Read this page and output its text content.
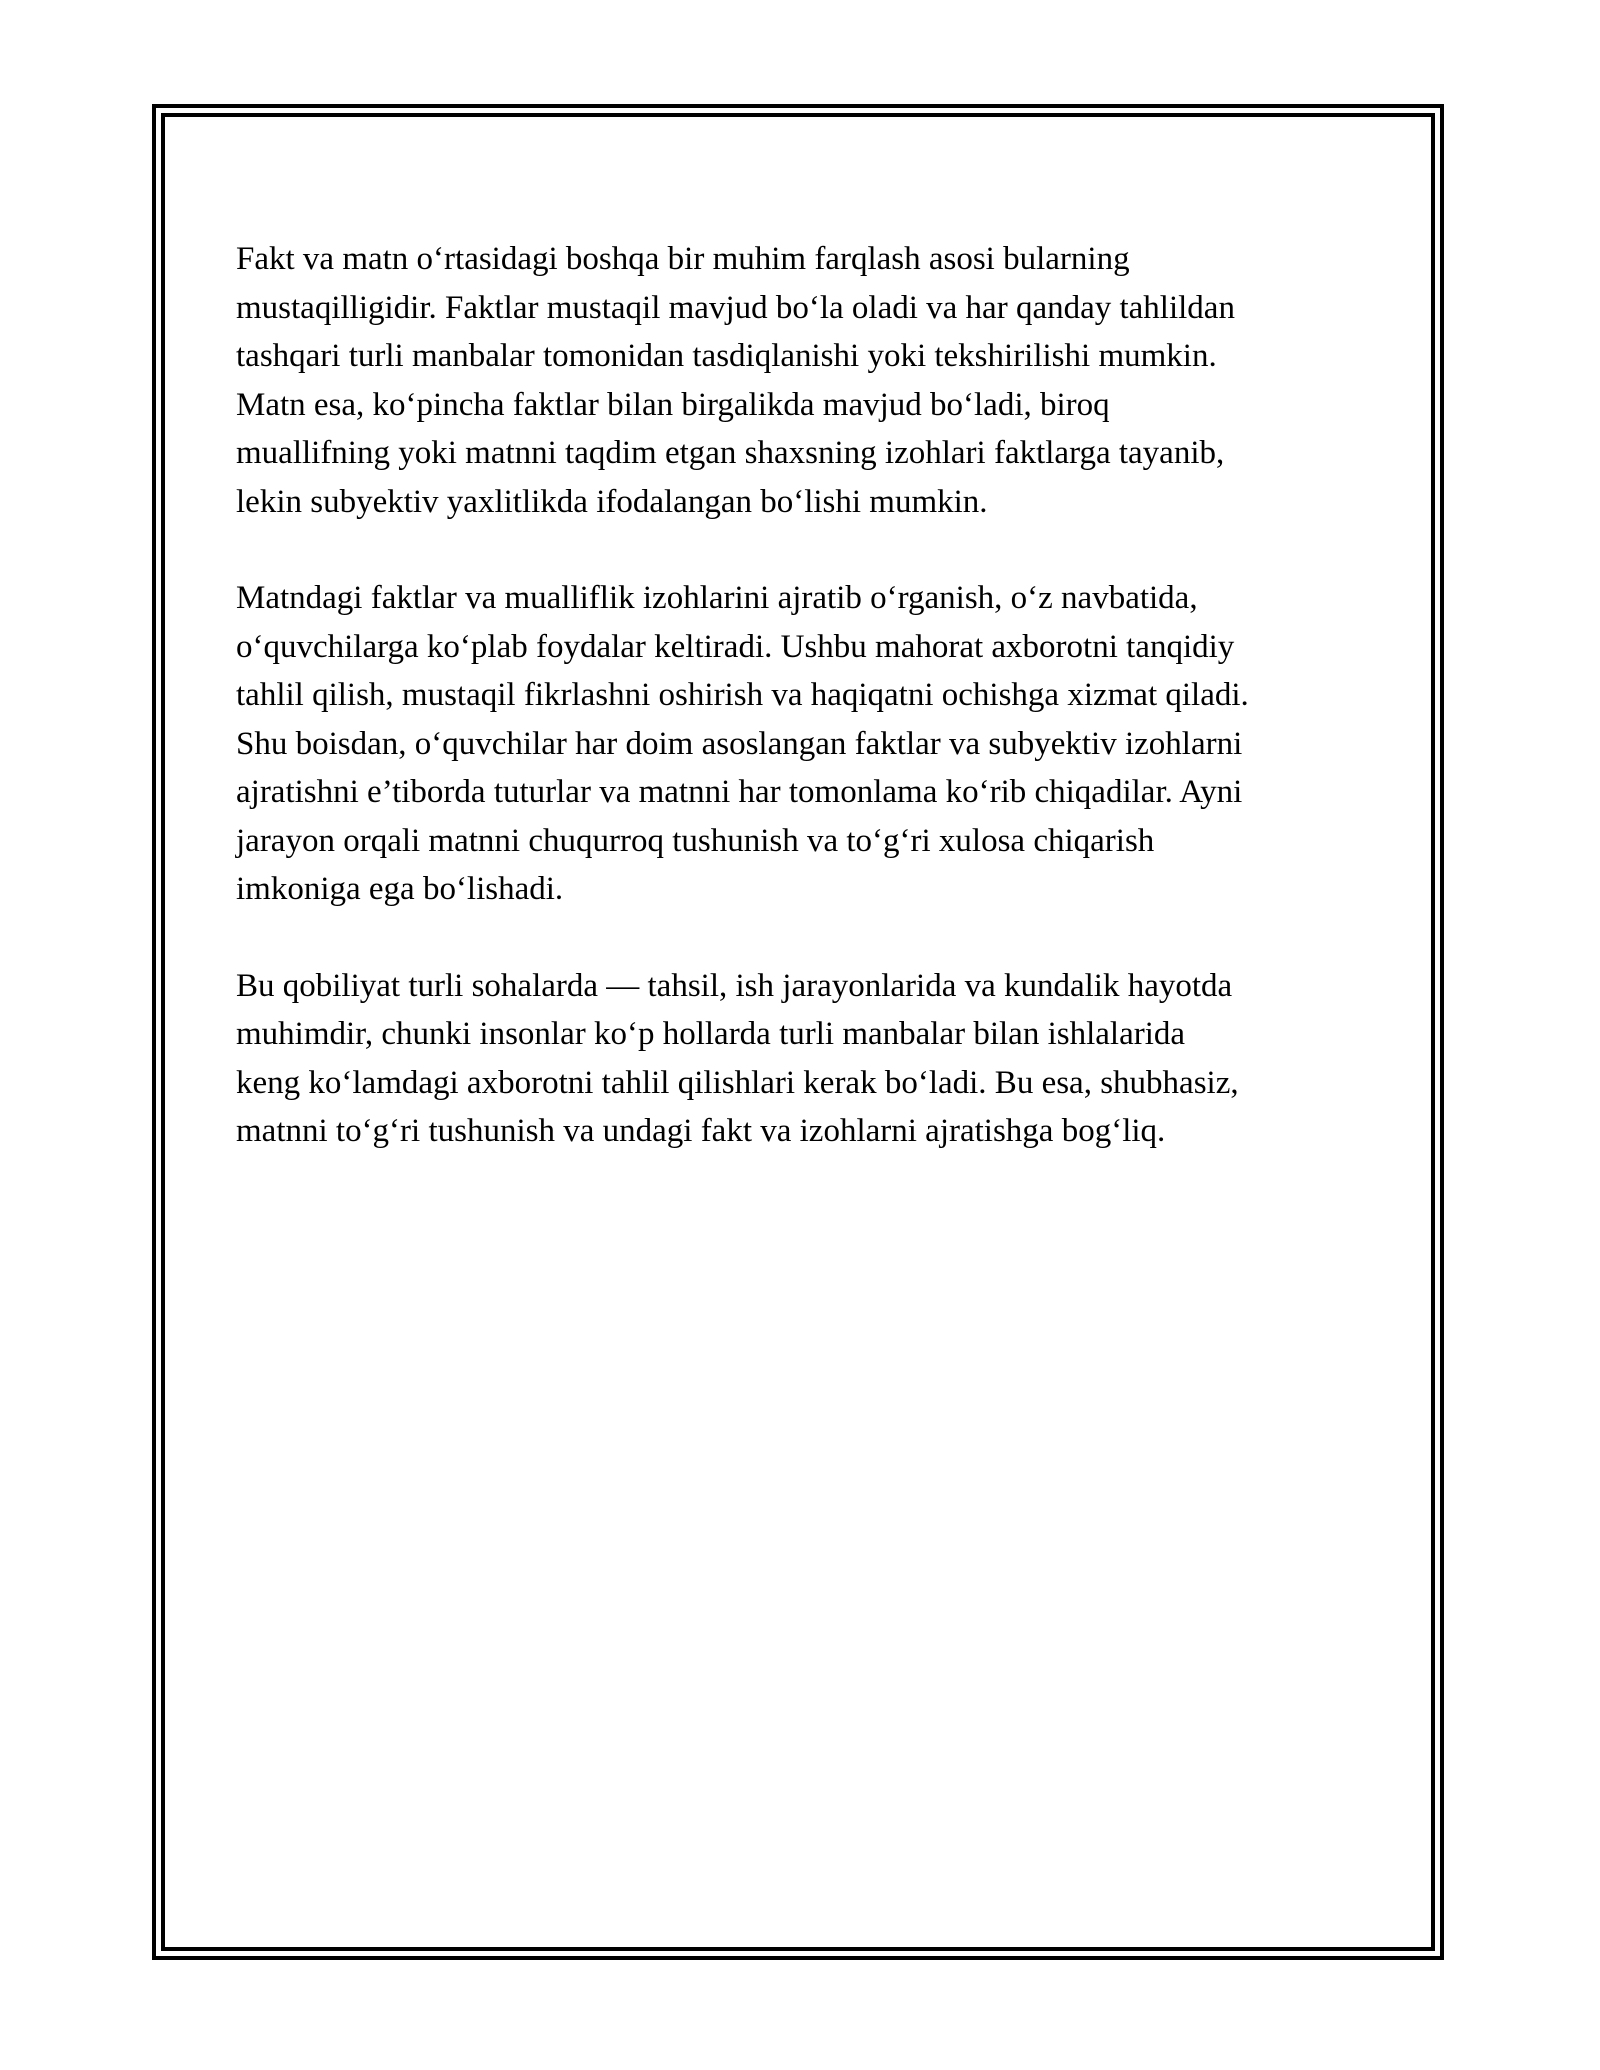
Fakt va matn o‘rtasidagi boshqa bir muhim farqlash asosi bularning
mustaqilligidir. Faktlar mustaqil mavjud bo‘la oladi va har qanday tahlildan
tashqari turli manbalar tomonidan tasdiqlanishi yoki tekshirilishi mumkin.
Matn esa, ko‘pincha faktlar bilan birgalikda mavjud bo‘ladi, biroq
muallifning yoki matnni taqdim etgan shaxsning izohlari faktlarga tayanib,
lekin subyektiv yaxlitlikda ifodalangan bo‘lishi mumkin.

Matndagi faktlar va mualliflik izohlarini ajratib o‘rganish, o‘z navbatida,
o‘quvchilarga ko‘plab foydalar keltiradi. Ushbu mahorat axborotni tanqidiy
tahlil qilish, mustaqil fikrlashni oshirish va haqiqatni ochishga xizmat qiladi.
Shu boisdan, o‘quvchilar har doim asoslangan faktlar va subyektiv izohlarni
ajratishni e’tiborda tuturlar va matnni har tomonlama ko‘rib chiqadilar. Ayni
jarayon orqali matnni chuqurroq tushunish va to‘g‘ri xulosa chiqarish
imkoniga ega bo‘lishadi.

Bu qobiliyat turli sohalarda — tahsil, ish jarayonlarida va kundalik hayotda
muhimdir, chunki insonlar ko‘p hollarda turli manbalar bilan ishlalarida
keng ko‘lamdagi axborotni tahlil qilishlari kerak bo‘ladi. Bu esa, shubhasiz,
matnni to‘g‘ri tushunish va undagi fakt va izohlarni ajratishga bog‘liq.
